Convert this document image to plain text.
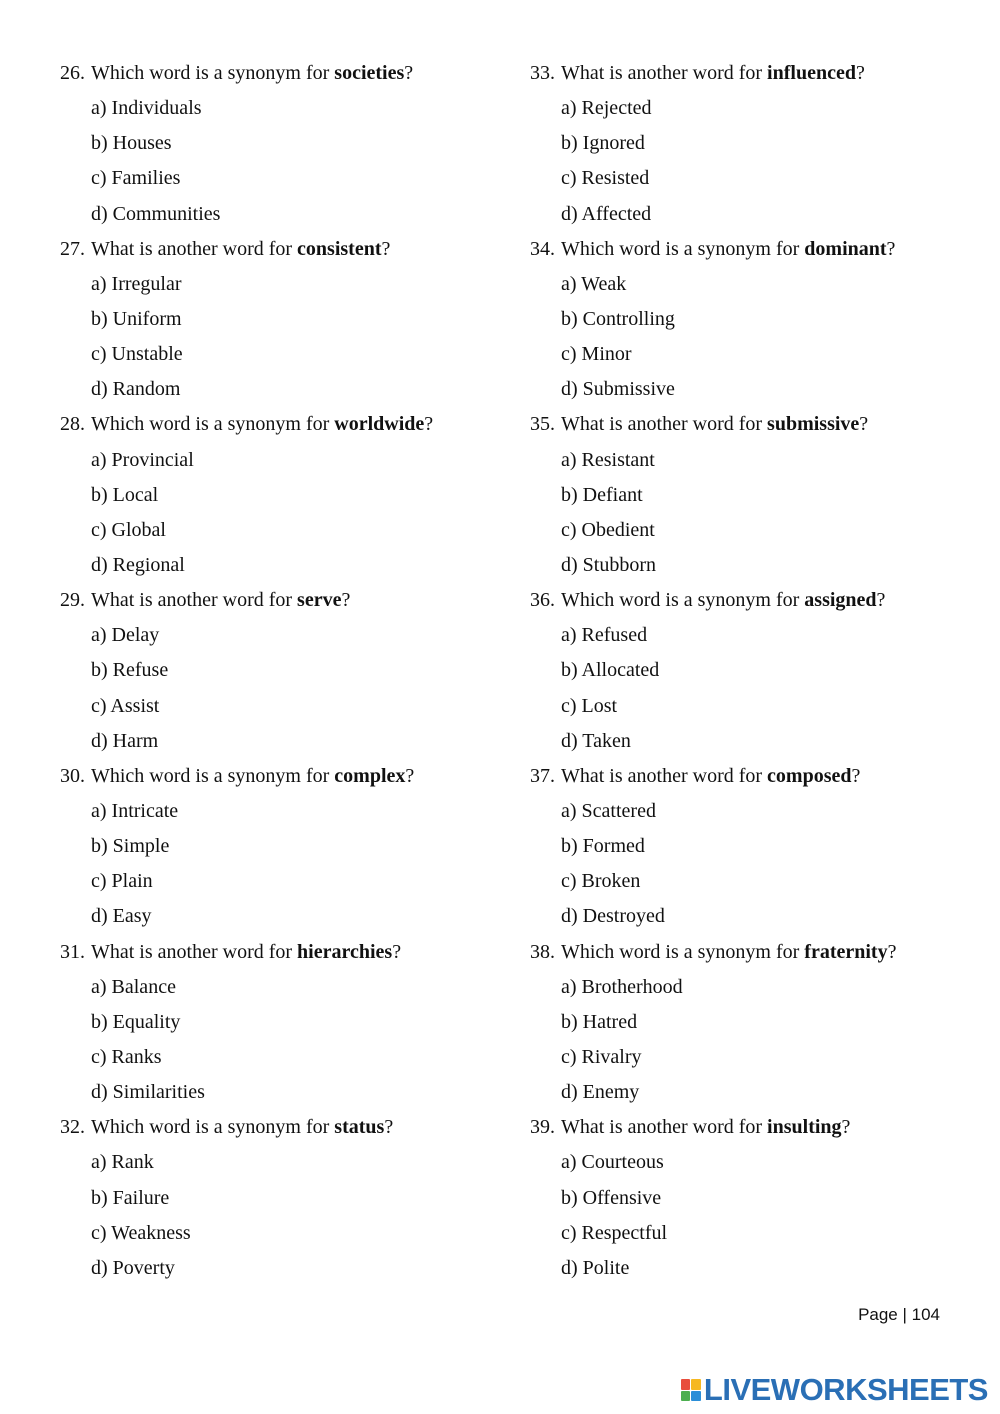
26. Which word is a synonym for societies?
a) Individuals
b) Houses
c) Families
d) Communities
27. What is another word for consistent?
a) Irregular
b) Uniform
c) Unstable
d) Random
28. Which word is a synonym for worldwide?
a) Provincial
b) Local
c) Global
d) Regional
29. What is another word for serve?
a) Delay
b) Refuse
c) Assist
d) Harm
30. Which word is a synonym for complex?
a) Intricate
b) Simple
c) Plain
d) Easy
31. What is another word for hierarchies?
a) Balance
b) Equality
c) Ranks
d) Similarities
32. Which word is a synonym for status?
a) Rank
b) Failure
c) Weakness
d) Poverty
33. What is another word for influenced?
a) Rejected
b) Ignored
c) Resisted
d) Affected
34. Which word is a synonym for dominant?
a) Weak
b) Controlling
c) Minor
d) Submissive
35. What is another word for submissive?
a) Resistant
b) Defiant
c) Obedient
d) Stubborn
36. Which word is a synonym for assigned?
a) Refused
b) Allocated
c) Lost
d) Taken
37. What is another word for composed?
a) Scattered
b) Formed
c) Broken
d) Destroyed
38. Which word is a synonym for fraternity?
a) Brotherhood
b) Hatred
c) Rivalry
d) Enemy
39. What is another word for insulting?
a) Courteous
b) Offensive
c) Respectful
d) Polite
Page | 104
LIVEWORKSHEETS
